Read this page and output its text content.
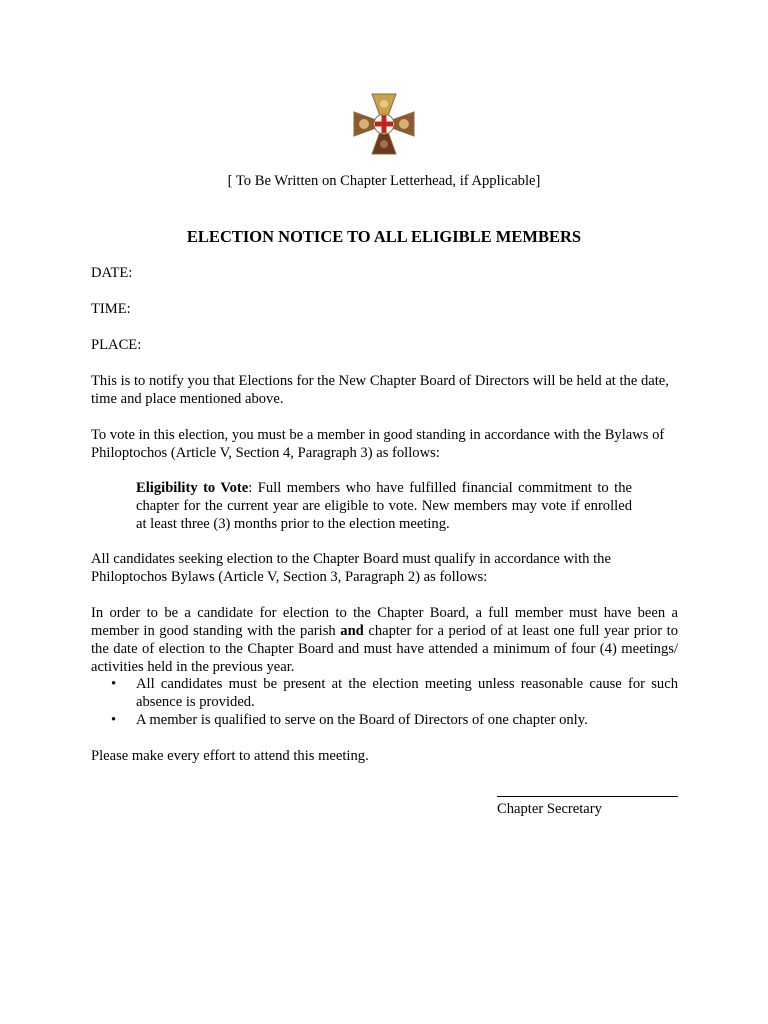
[ To Be Written on Chapter Letterhead, if Applicable]
ELECTION NOTICE TO ALL ELIGIBLE MEMBERS
DATE:
TIME:
PLACE:
This is to notify you that Elections for the New Chapter Board of Directors will be held at the date, time and place mentioned above.
To vote in this election, you must be a member in good standing in accordance with the Bylaws of Philoptochos (Article V, Section 4, Paragraph 3) as follows:
Eligibility to Vote: Full members who have fulfilled financial commitment to the chapter for the current year are eligible to vote. New members may vote if enrolled at least three (3) months prior to the election meeting.
All candidates seeking election to the Chapter Board must qualify in accordance with the Philoptochos Bylaws (Article V, Section 3, Paragraph 2) as follows:
In order to be a candidate for election to the Chapter Board, a full member must have been a member in good standing with the parish and chapter for a period of at least one full year prior to the date of election to the Chapter Board and must have attended a minimum of four (4) meetings/ activities held in the previous year.
• All candidates must be present at the election meeting unless reasonable cause for such absence is provided.
• A member is qualified to serve on the Board of Directors of one chapter only.
Please make every effort to attend this meeting.
Chapter Secretary
